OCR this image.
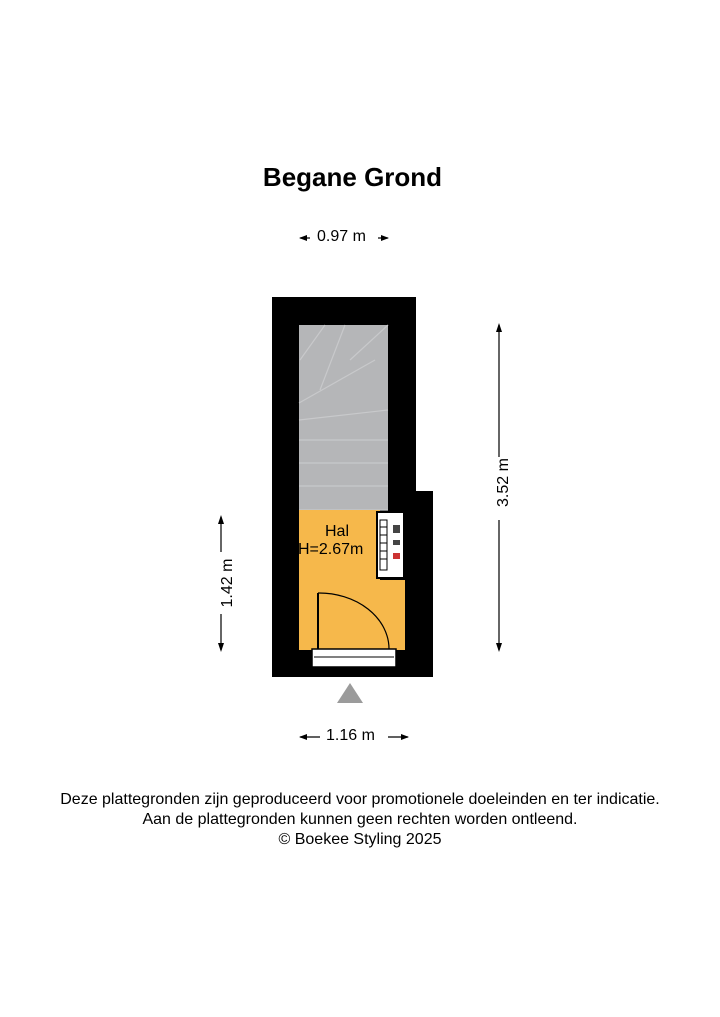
Begane Grond
0.97 m
1.16 m
3.52 m
1.42 m
Hal
H=2.67m
Deze plattegronden zijn geproduceerd voor promotionele doeleinden en ter indicatie.
Aan de plattegronden kunnen geen rechten worden ontleend.
© Boekee Styling 2025
